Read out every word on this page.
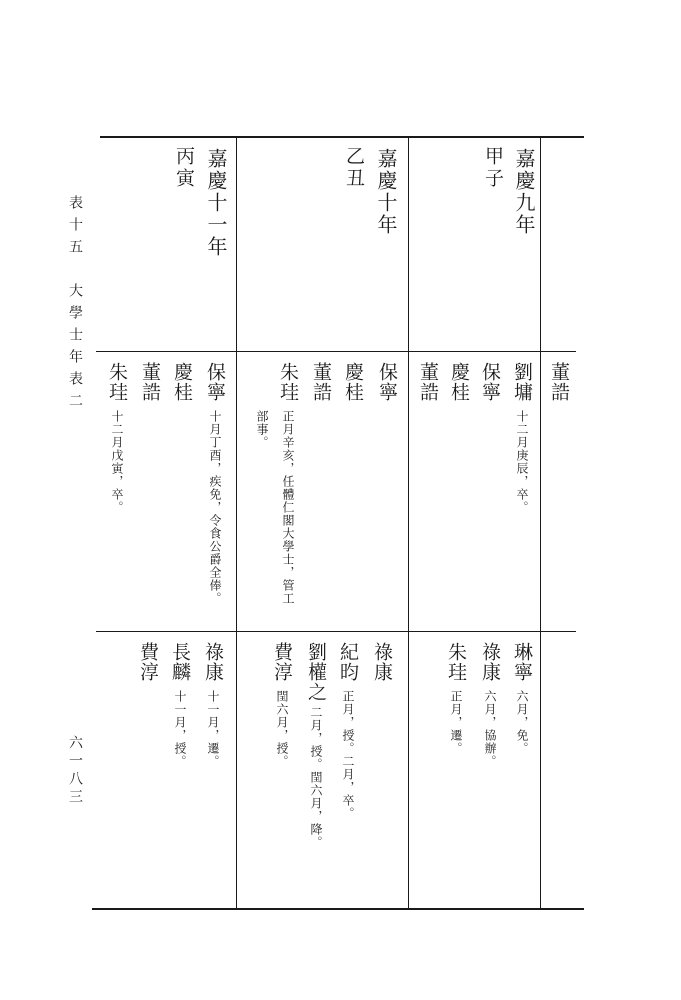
表十五　大學士年表二
六一八三
董誥
嘉慶九年
甲子
劉墉
十二月庚辰，卒。
保寧
慶桂
董誥
琳寧
六月，免。
祿康
六月，協辦。
朱珪
正月，遷。
嘉慶十年
乙丑
保寧
慶桂
董誥
朱珪
正月辛亥，任體仁閣大學士，管工
部事。
祿康
紀昀
正月，授。二月，卒。
劉權之
二月，授。閏六月，降。
費淳
閏六月，授。
嘉慶十一年
丙寅
保寧
十月丁酉，疾免，令食公爵全俸。
慶桂
董誥
朱珪
十二月戊寅，卒。
祿康
十一月，遷。
長麟
十一月，授。
費淳
